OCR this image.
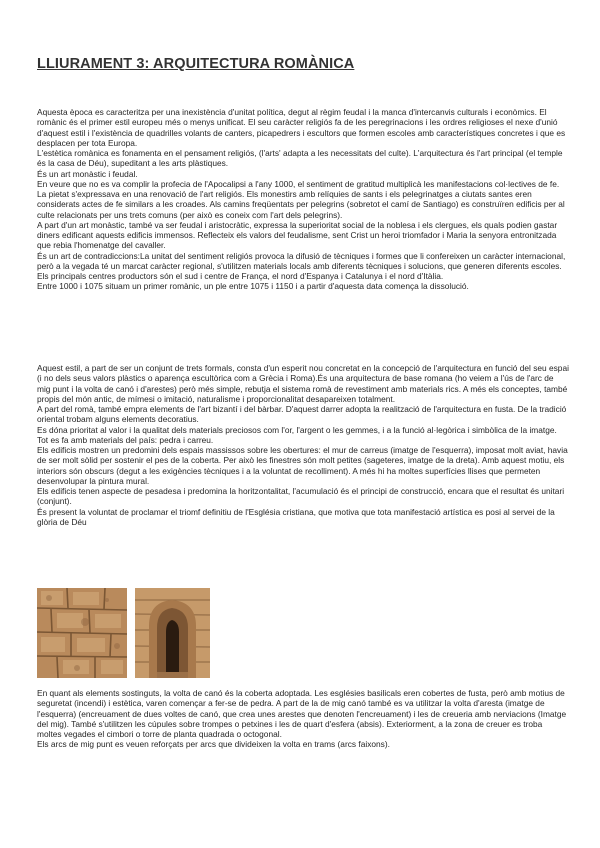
LLIURAMENT 3: ARQUITECTURA ROMÀNICA

Aquesta època es caracteritza per una inexistència d'unitat política, degut al règim feudal i la manca d'intercanvis culturals i econòmics. El romànic és el primer estil europeu més o menys unificat. El seu caràcter religiós fa de les peregrinacions i les ordres religioses el nexe d'unió d'aquest estil i l'existència de quadrilles volants de canters, picapedrers i escultors que formen escoles amb característiques concretes i que es desplacen per tota Europa.

L'estètica romànica es fonamenta en el pensament religiós, (l'arts' adapta a les necessitats del culte). L'arquitectura és l'art principal (el temple és la casa de Déu), supeditant a les arts plàstiques.

És un art monàstic i feudal.

En veure que no es va complir la profecia de l'Apocalipsi a l'any 1000, el sentiment de gratitud multiplicà les manifestacions col·lectives de fe. La pietat s'expressava en una renovació de l'art religiós. Els monestirs amb relíquies de sants i els pelegrinatges a ciutats santes eren considerats actes de fe similars a les croades. Als camins freqüentats per pelegrins (sobretot el camí de Santiago) es construïren edificis per al culte relacionats per uns trets comuns (per això es coneix com l'art dels pelegrins).

A part d'un art monàstic, també va ser feudal i aristocràtic, expressa la superioritat social de la noblesa i els clergues, els quals podien gastar diners edificant aquests edificis immensos. Reflecteix els valors del feudalisme, sent Crist un heroi triomfador i Maria la senyora entronitzada que rebia l'homenatge del cavaller.

És un art de contradiccions:La unitat del sentiment religiós provoca la difusió de tècniques i formes que li confereixen un caràcter internacional, però a la vegada té un marcat caràcter regional, s'utilitzen materials locals amb diferents tècniques i solucions, que generen diferents escoles. Els principals centres productors són el sud i centre de França, el nord d'Espanya i Catalunya i el nord d'Itàlia.

Entre 1000 i 1075 situam un primer romànic, un ple entre 1075 i 1150 i a partir d'aquesta data comença la dissolució.

Aquest estil, a part de ser un conjunt de trets formals, consta d'un esperit nou concretat en la concepció de l'arquitectura en funció del seu espai (i no dels seus valors plàstics o aparença escultòrica com a Grècia i Roma).És una arquitectura de base romana (ho veiem a l'ús de l'arc de mig punt i la volta de canó i d'arestes) però més simple, rebutja el sistema romà de revestiment amb materials rics. A més els conceptes, també propis del món antic, de mímesi o imitació, naturalisme i proporcionalitat desapareixen totalment.

A part del romà, també empra elements de l'art bizantí i del bàrbar. D'aquest darrer adopta la realització de l'arquitectura en fusta. De la tradició oriental trobam alguns elements decoratius.

Es dóna prioritat al valor i la qualitat dels materials preciosos com l'or, l'argent o les gemmes, i a la funció al·legòrica i simbòlica de la imatge.

Tot es fa amb materials del país: pedra i carreu.

Els edificis mostren un predomini dels espais massissos sobre les obertures: el mur de carreus (imatge de l'esquerra), imposat molt aviat, havia de ser molt sòlid per sostenir el pes de la coberta. Per això les finestres són molt petites (sageteres, imatge de la dreta). Amb aquest motiu, els interiors són obscurs (degut a les exigències tècniques i a la voluntat de recolliment). A més hi ha moltes superfícies llises que permeten desenvolupar la pintura mural.

Els edificis tenen aspecte de pesadesa i predomina la horitzontalitat, l'acumulació és el principi de construcció, encara que el resultat és unitari (conjunt).

És present la voluntat de proclamar el triomf definitiu de l'Església cristiana, que motiva que tota manifestació artística es posi al servei de la glòria de Déu

En quant als elements sostinguts, la volta de canó és la coberta adoptada. Les esglésies basilicals eren cobertes de fusta, però amb motius de seguretat (incendi) i estètica, varen començar a fer-se de pedra. A part de la de mig canó també es va utilitzar la volta d'aresta (imatge de l'esquerra) (encreuament de dues voltes de canó, que crea unes arestes que denoten l'encreuament) i les de creueria amb nerviacions (Imatge del mig). També s'utilitzen les cúpules sobre trompes o petxines i les de quart d'esfera (absis). Exteriorment, a la zona de creuer es troba moltes vegades el cimbori o torre de planta quadrada o octogonal.

Els arcs de mig punt es veuen reforçats per arcs que divideixen la volta en trams (arcs faixons).
